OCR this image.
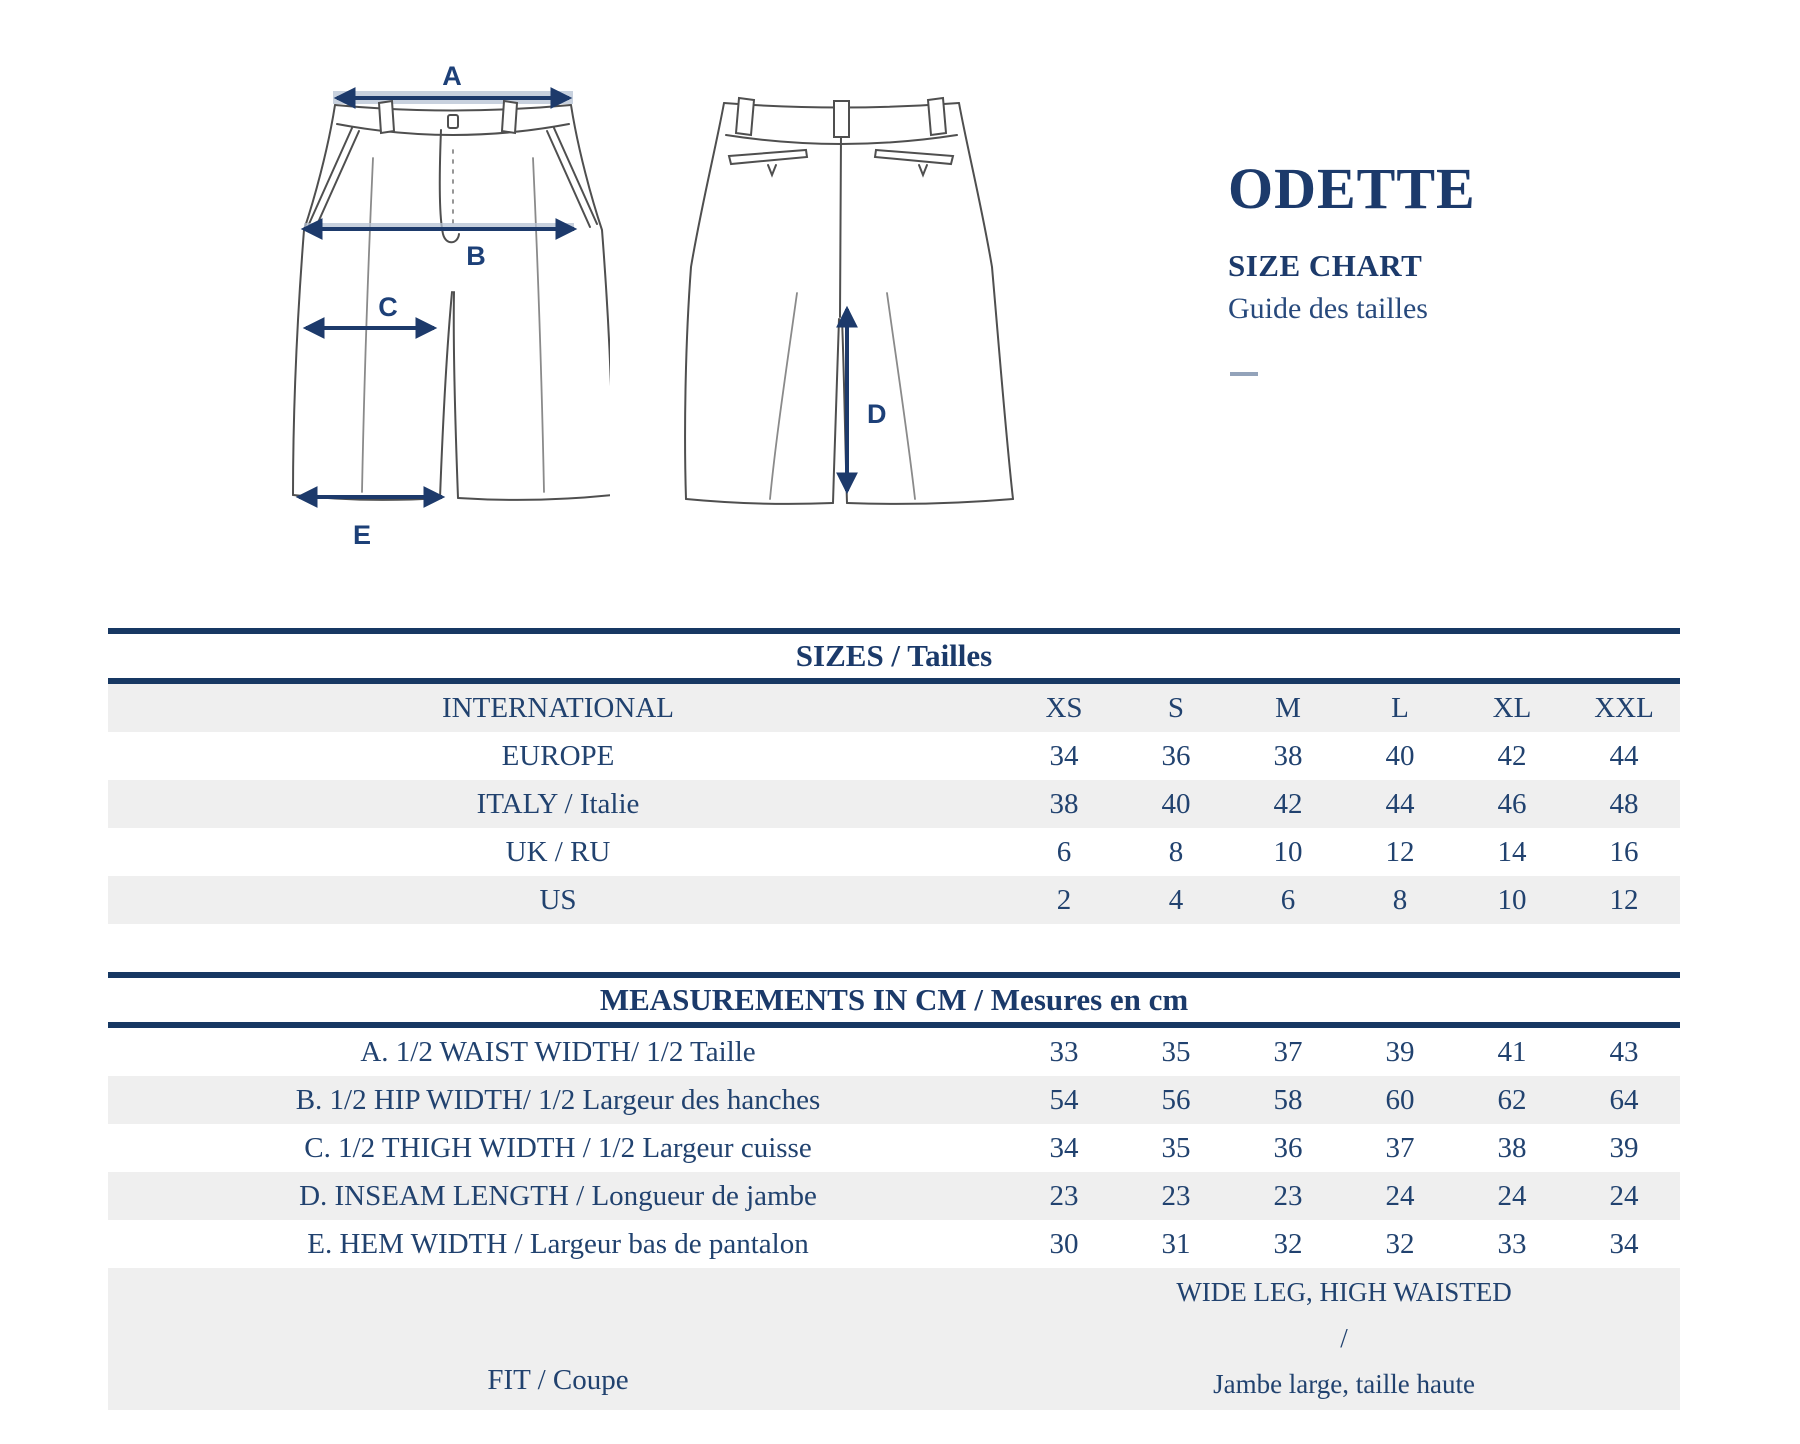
A
B
C
E
D
ODETTE
SIZE CHART
Guide des tailles
SIZES / Tailles						
INTERNATIONAL	XS	S	M	L	XL	XXL
EUROPE	34	36	38	40	42	44
ITALY / Italie	38	40	42	44	46	48
UK / RU	6	8	10	12	14	16
US	2	4	6	8	10	12
MEASUREMENTS IN CM / Mesures en cm						
A. 1/2 WAIST WIDTH/ 1/2 Taille	33	35	37	39	41	43
B. 1/2 HIP WIDTH/ 1/2 Largeur des hanches	54	56	58	60	62	64
C. 1/2 THIGH WIDTH / 1/2 Largeur cuisse	34	35	36	37	38	39
D. INSEAM LENGTH / Longueur de jambe	23	23	23	24	24	24
E. HEM WIDTH / Largeur bas de pantalon	30	31	32	32	33	34
FIT / Coupe	WIDE LEG, HIGH WAISTED
/
Jambe large, taille haute					
